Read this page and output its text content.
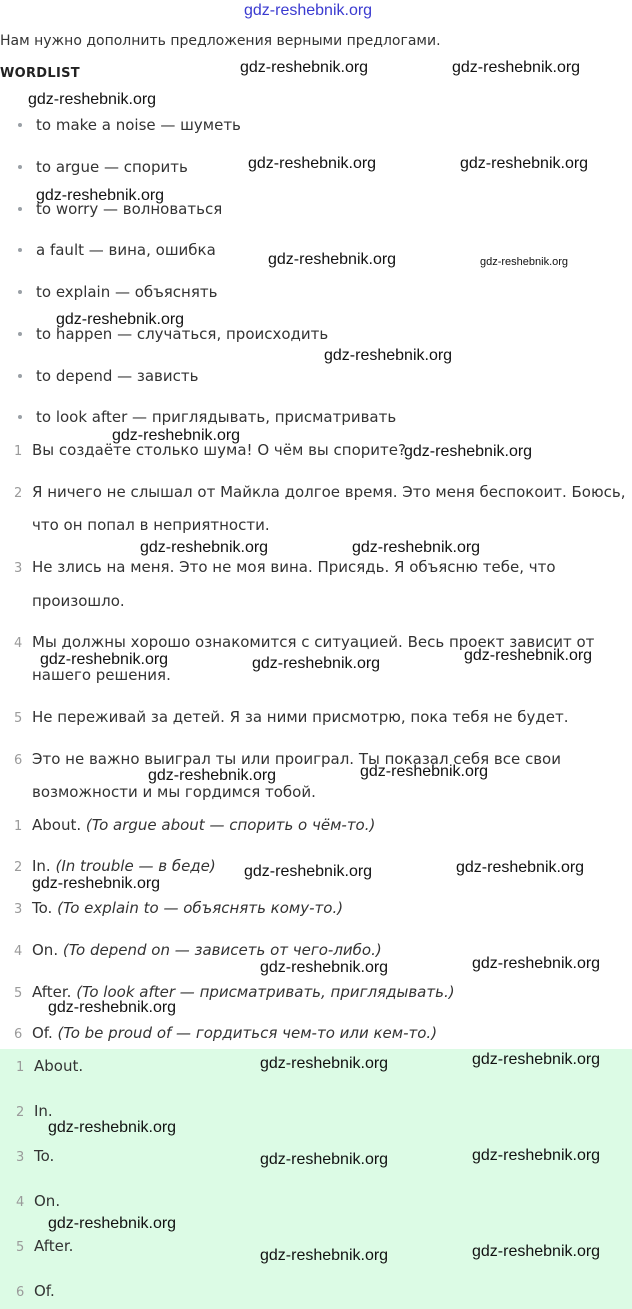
gdz-reshebnik.org
Нам нужно дополнить предложения верными предлогами.
WORDLIST
to make a noise — шуметь
to argue — спорить
to worry — волноваться
a fault — вина, ошибка
to explain — объяснять
to happen — случаться, происходить
to depend — зависть
to look after — приглядывать, присматривать
1 Вы создаёте столько шума! О чём вы спорите?
2 Я ничего не слышал от Майкла долгое время. Это меня беспокоит. Боюсь,
что он попал в неприятности.
3 Не злись на меня. Это не моя вина. Присядь. Я объясню тебе, что
произошло.
4 Мы должны хорошо ознакомится с ситуацией. Весь проект зависит от
нашего решения.
5 Не переживай за детей. Я за ними присмотрю, пока тебя не будет.
6 Это не важно выиграл ты или проиграл. Ты показал себя все свои
возможности и мы гордимся тобой.
1 About. (To argue about — спорить о чём-то.)
2 In. (In trouble — в беде)
3 To. (To explain to — объяснять кому-то.)
4 On. (To depend on — зависеть от чего-либо.)
5 After. (To look after — присматривать, приглядывать.)
6 Of. (To be proud of — гордиться чем-то или кем-то.)
1 About.
2 In.
3 To.
4 On.
5 After.
6 Of.
gdz-reshebnik.org	gdz-reshebnik.org
gdz-reshebnik.org
gdz-reshebnik.org	gdz-reshebnik.org
gdz-reshebnik.org
gdz-reshebnik.org	gdz-reshebnik.org
gdz-reshebnik.org
gdz-reshebnik.org
gdz-reshebnik.org
gdz-reshebnik.org
gdz-reshebnik.org	gdz-reshebnik.org
gdz-reshebnik.org	gdz-reshebnik.org	gdz-reshebnik.org
gdz-reshebnik.org	gdz-reshebnik.org
gdz-reshebnik.org	gdz-reshebnik.org
gdz-reshebnik.org
gdz-reshebnik.org	gdz-reshebnik.org
gdz-reshebnik.org
gdz-reshebnik.org	gdz-reshebnik.org
gdz-reshebnik.org
gdz-reshebnik.org	gdz-reshebnik.org
gdz-reshebnik.org
gdz-reshebnik.org	gdz-reshebnik.org
